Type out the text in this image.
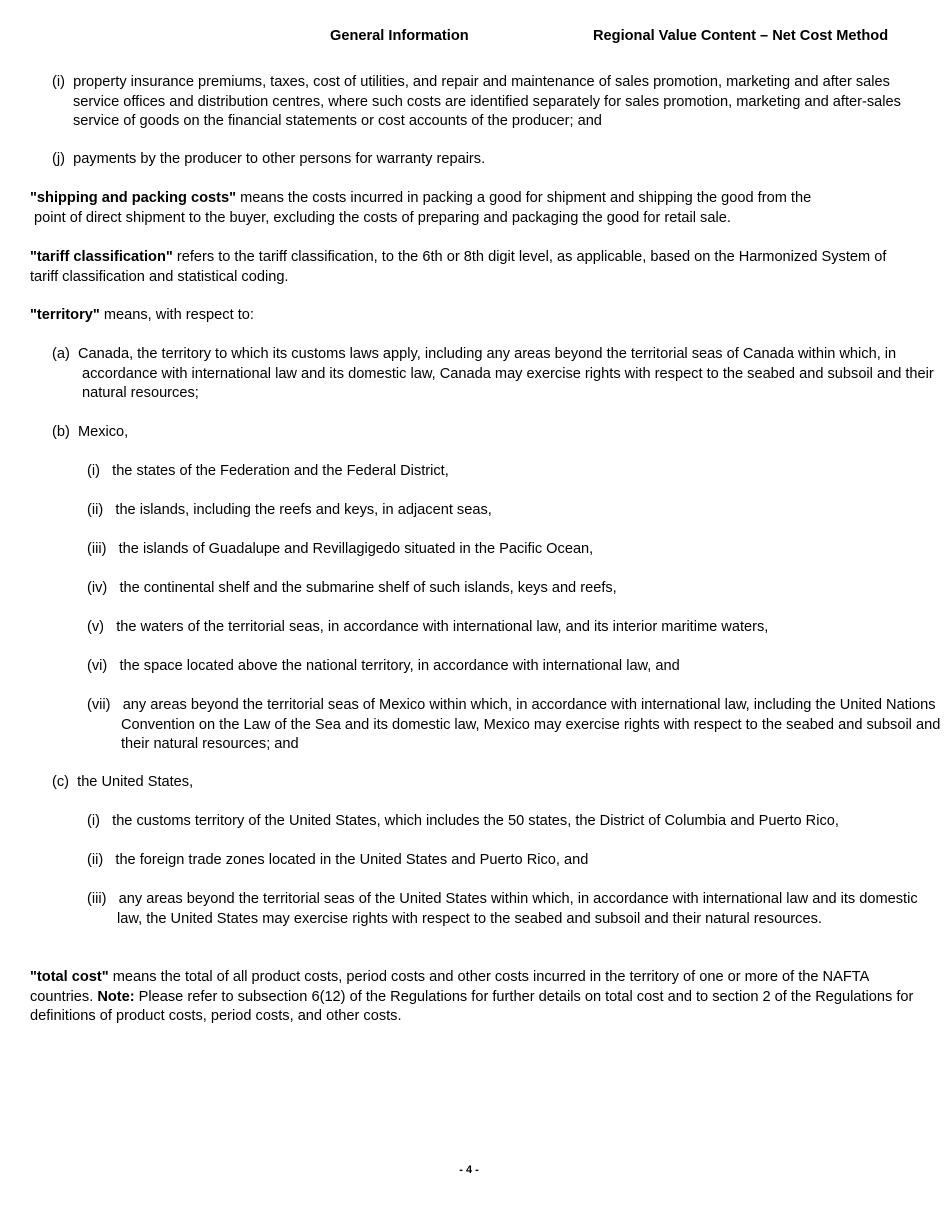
General Information	Regional Value Content – Net Cost Method
(i) property insurance premiums, taxes, cost of utilities, and repair and maintenance of sales promotion, marketing and after sales service offices and distribution centres, where such costs are identified separately for sales promotion, marketing and after-sales service of goods on the financial statements or cost accounts of the producer; and
(j) payments by the producer to other persons for warranty repairs.
"shipping and packing costs" means the costs incurred in packing a good for shipment and shipping the good from the
point of direct shipment to the buyer, excluding the costs of preparing and packaging the good for retail sale.
"tariff classification" refers to the tariff classification, to the 6th or 8th digit level, as applicable, based on the Harmonized System of tariff classification and statistical coding.
"territory" means, with respect to:
(a) Canada, the territory to which its customs laws apply, including any areas beyond the territorial seas of Canada within which, in accordance with international law and its domestic law, Canada may exercise rights with respect to the seabed and subsoil and their natural resources;
(b) Mexico,
(i) the states of the Federation and the Federal District,
(ii) the islands, including the reefs and keys, in adjacent seas,
(iii) the islands of Guadalupe and Revillagigedo situated in the Pacific Ocean,
(iv) the continental shelf and the submarine shelf of such islands, keys and reefs,
(v) the waters of the territorial seas, in accordance with international law, and its interior maritime waters,
(vi) the space located above the national territory, in accordance with international law, and
(vii) any areas beyond the territorial seas of Mexico within which, in accordance with international law, including the United Nations Convention on the Law of the Sea and its domestic law, Mexico may exercise rights with respect to the seabed and subsoil and their natural resources; and
(c) the United States,
(i) the customs territory of the United States, which includes the 50 states, the District of Columbia and Puerto Rico,
(ii) the foreign trade zones located in the United States and Puerto Rico, and
(iii) any areas beyond the territorial seas of the United States within which, in accordance with international law and its domestic law, the United States may exercise rights with respect to the seabed and subsoil and their natural resources.
"total cost" means the total of all product costs, period costs and other costs incurred in the territory of one or more of the NAFTA countries. Note: Please refer to subsection 6(12) of the Regulations for further details on total cost and to section 2 of the Regulations for definitions of product costs, period costs, and other costs.
- 4 -
